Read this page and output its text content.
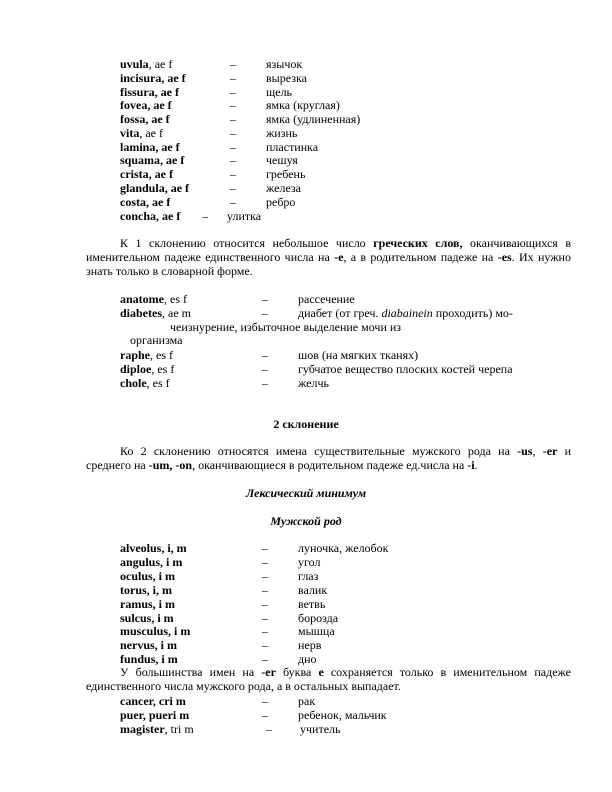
uvula, ae f	–	язычок
incisura, ae f	–	вырезка
fissura, ae f	–	щель
fovea, ae f	–	ямка (круглая)
fossa, ae f	–	ямка (удлиненная)
vita, ae f	–	жизнь
lamina, ae f	–	пластинка
squama, ae f	–	чешуя
crista, ae f	–	гребень
glandula, ae f	–	железа
costa, ae f	–	ребро
concha, ae f – улитка
К 1 склонению относится небольшое число греческих слов, оканчивающихся в именительном падеже единственного числа на -e, а в родительном падеже на -es. Их нужно знать только в словарной форме.
anatome, es f	–	рассечение
diabetes, ae m	–	диабет (от греч. diabainein проходить) мо-
чеизнурение, избыточное выделение мочи из
организма
raphe, es f	–	шов (на мягких тканях)
diploе, es f	–	губчатое вещество плоских костей черепа
chole, es f	–	желчь
2 склонение
Ко 2 склонению относятся имена существительные мужского рода на -us, -er и среднего на -um, -on, оканчивающиеся в родительном падеже ед.числа на -i.
Лексический минимум
Мужской род
alveolus, i, m	–	луночка, желобок
angulus, i m	–	угол
oculus, i m	–	глаз
torus, i, m	–	валик
ramus, i m	–	ветвь
sulcus, i m	–	борозда
musculus, i m	–	мышца
nervus, i m	–	нерв
fundus, i m	–	дно
У большинства имен на -er буква e сохраняется только в именительном падеже единственного числа мужского рода, а в остальных выпадает.
cancer, cri m	–	рак
puer, pueri m	–	ребенок, мальчик
magister, tri m	– учитель
